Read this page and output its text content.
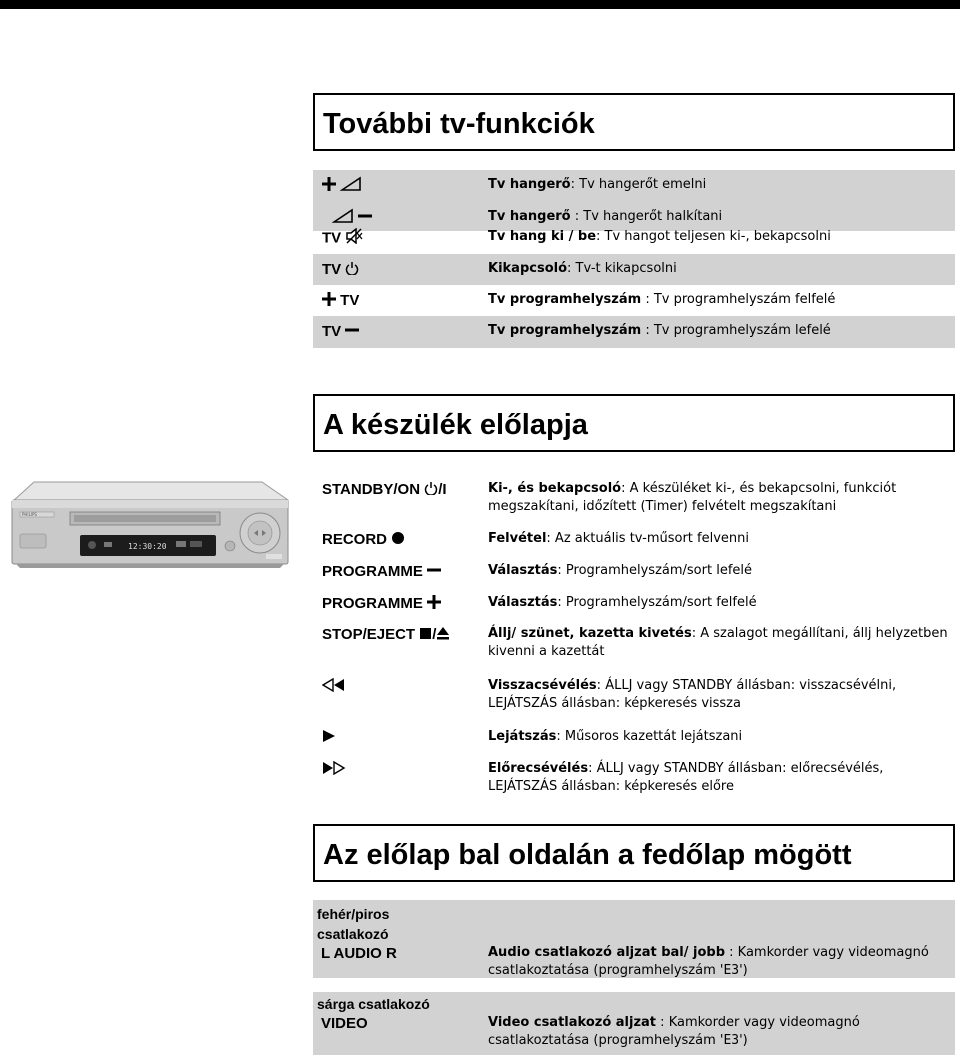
További tv-funkciók

Tv hangerő: Tv hangerőt emelni

Tv hangerő : Tv hangerőt halkítani
TV	Tv hang ki / be: Tv hangot teljesen ki-, bekapcsolni
TV	Kikapcsoló: Tv-t kikapcsolni
TV	Tv programhelyszám : Tv programhelyszám felfelé
TV	Tv programhelyszám : Tv programhelyszám lefelé
A készülék előlapja
PHILIPS
12:30:20
STANDBY/ON /I	Ki-, és bekapcsoló: A készüléket ki-, és bekapcsolni, funkciót megszakítani, időzített (Timer) felvételt megszakítani
RECORD	Felvétel: Az aktuális tv-műsort felvenni
PROGRAMME	Választás: Programhelyszám/sort lefelé
PROGRAMME	Választás: Programhelyszám/sort felfelé
STOP/EJECT /	Állj/ szünet, kazetta kivetés: A szalagot megállítani, állj helyzetben kivenni a kazettát
Visszacsévélés: ÁLLJ vagy STANDBY állásban: visszacsévélni, LEJÁTSZÁS állásban: képkeresés vissza
Lejátszás: Műsoros kazettát lejátszani
Előrecsévélés: ÁLLJ vagy STANDBY állásban: előrecsévélés, LEJÁTSZÁS állásban: képkeresés előre
Az előlap bal oldalán a fedőlap mögött
fehér/piros
csatlakozó
L AUDIO R	Audio csatlakozó aljzat bal/ jobb : Kamkorder vagy videomagnó csatlakoztatása (programhelyszám 'E3')
sárga csatlakozó
VIDEO	Video csatlakozó aljzat : Kamkorder vagy videomagnó csatlakoztatása (programhelyszám 'E3')
